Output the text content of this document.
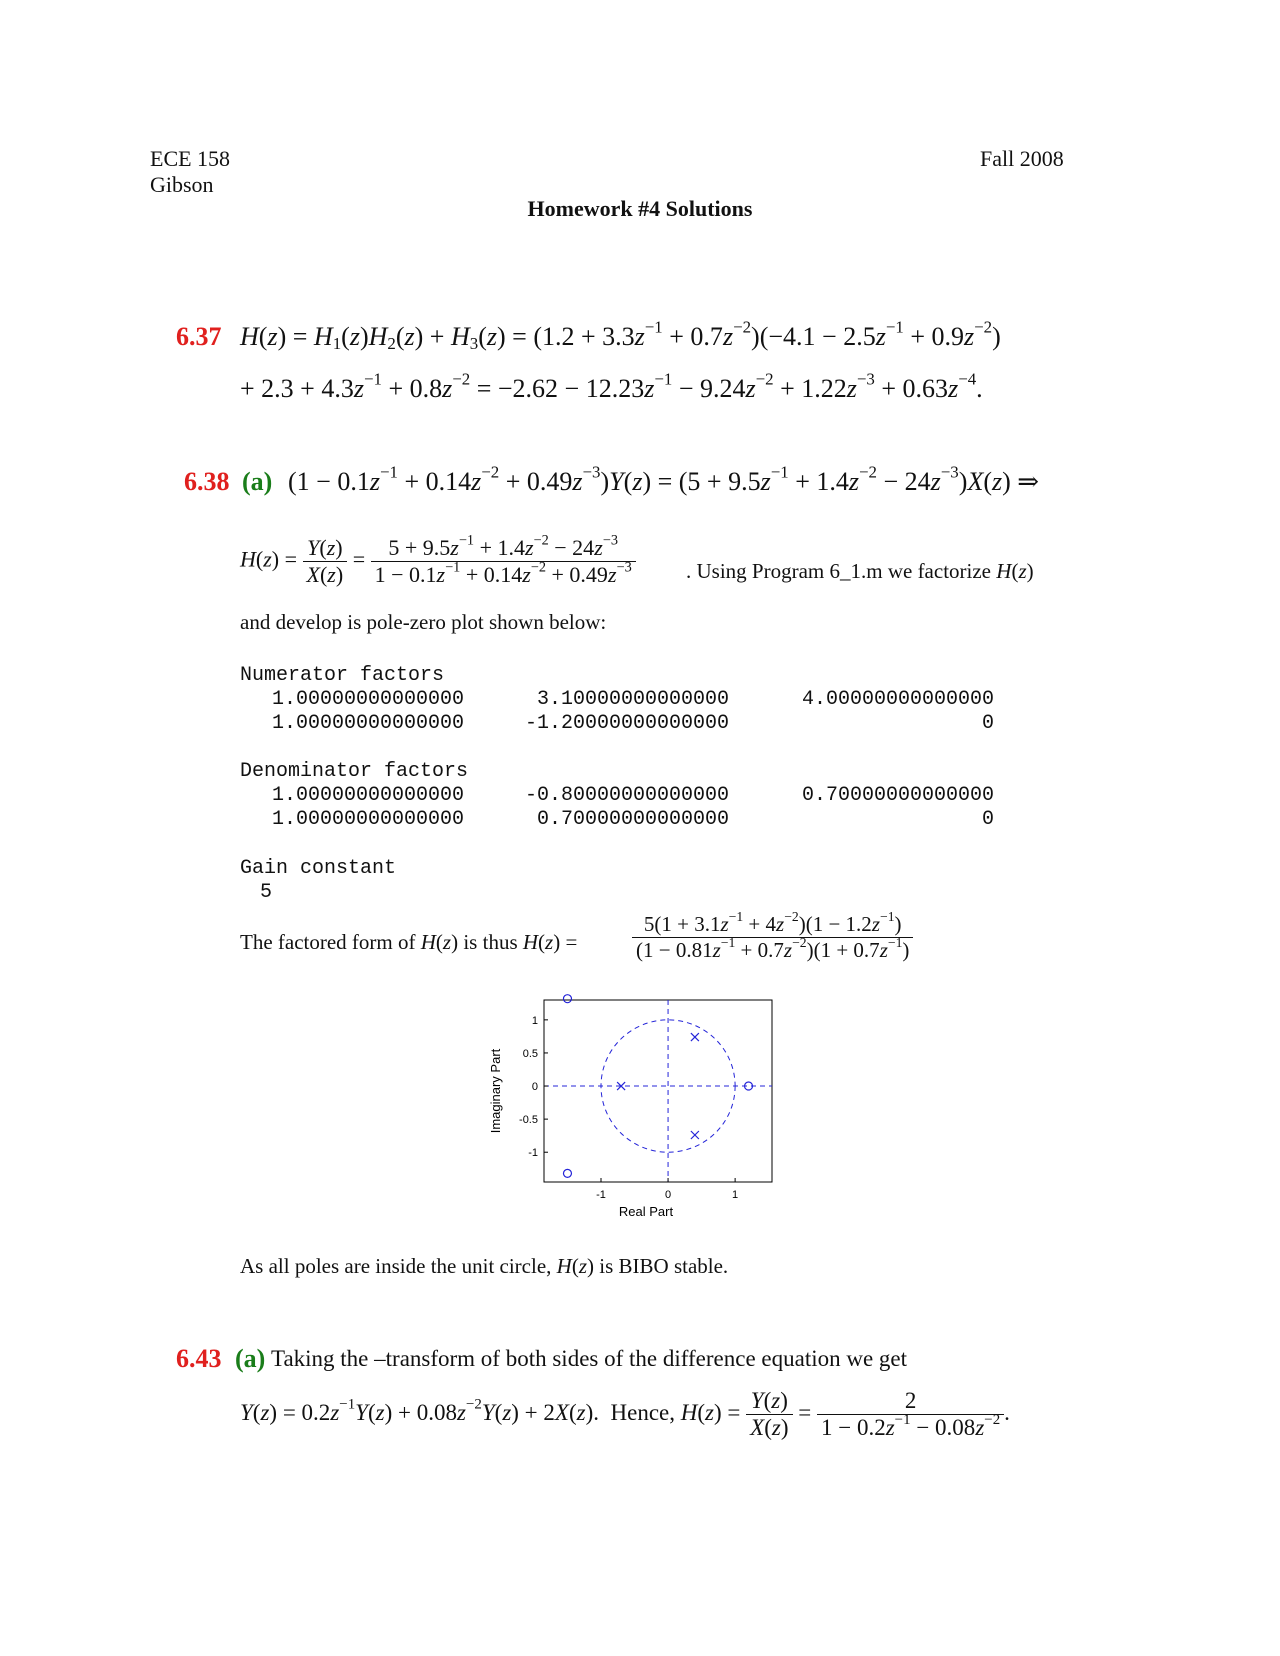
ECE 158	Fall 2008
Gibson
Homework #4 Solutions
6.37 $H(z) = H_1(z)H_2(z) + H_3(z) = (1.2 + 3.3z^{-1} + 0.7z^{-2})(-4.1 - 2.5z^{-1} + 0.9z^{-2})$
+ $2.3 + 4.3z^{-1} + 0.8z^{-2} = -2.62 - 12.23z^{-1} - 9.24z^{-2} + 1.22z^{-3} + 0.63z^{-4}$.
6.38 (a) $(1 - 0.1z^{-1} + 0.14z^{-2} + 0.49z^{-3})Y(z) = (5 + 9.5z^{-1} + 1.4z^{-2} - 24z^{-3})X(z)$ ⇒
$H(z) = \frac{Y(z)}{X(z)} = \frac{5 + 9.5z^{-1} + 1.4z^{-2} - 24z^{-3}}{1 - 0.1z^{-1} + 0.14z^{-2} + 0.49z^{-3}}$ . Using Program 6_1.m we factorize H(z)
and develop is pole-zero plot shown below:
Numerator factors
1.00000000000000	3.10000000000000	4.00000000000000
1.00000000000000	-1.20000000000000	0
Denominator factors
1.00000000000000	-0.80000000000000	0.70000000000000
1.00000000000000	0.70000000000000	0
Gain constant
5
The factored form of H(z) is thus H(z) =	$\frac{5(1 + 3.1z^{-1} + 4z^{-2})(1 - 1.2z^{-1})}{(1 - 0.81z^{-1} + 0.7z^{-2})(1 + 0.7z^{-1})}$
-1	0	1
1
0.5
0
-0.5
-1
Real Part
Imaginary Part
As all poles are inside the unit circle, H(z) is BIBO stable.
6.43 (a) Taking the –transform of both sides of the difference equation we get
$Y(z) = 0.2z^{-1}Y(z) + 0.08z^{-2}Y(z) + 2X(z)$.  Hence, $H(z) = \frac{Y(z)}{X(z)} = \frac{2}{1 - 0.2z^{-1} - 0.08z^{-2}}$ .
